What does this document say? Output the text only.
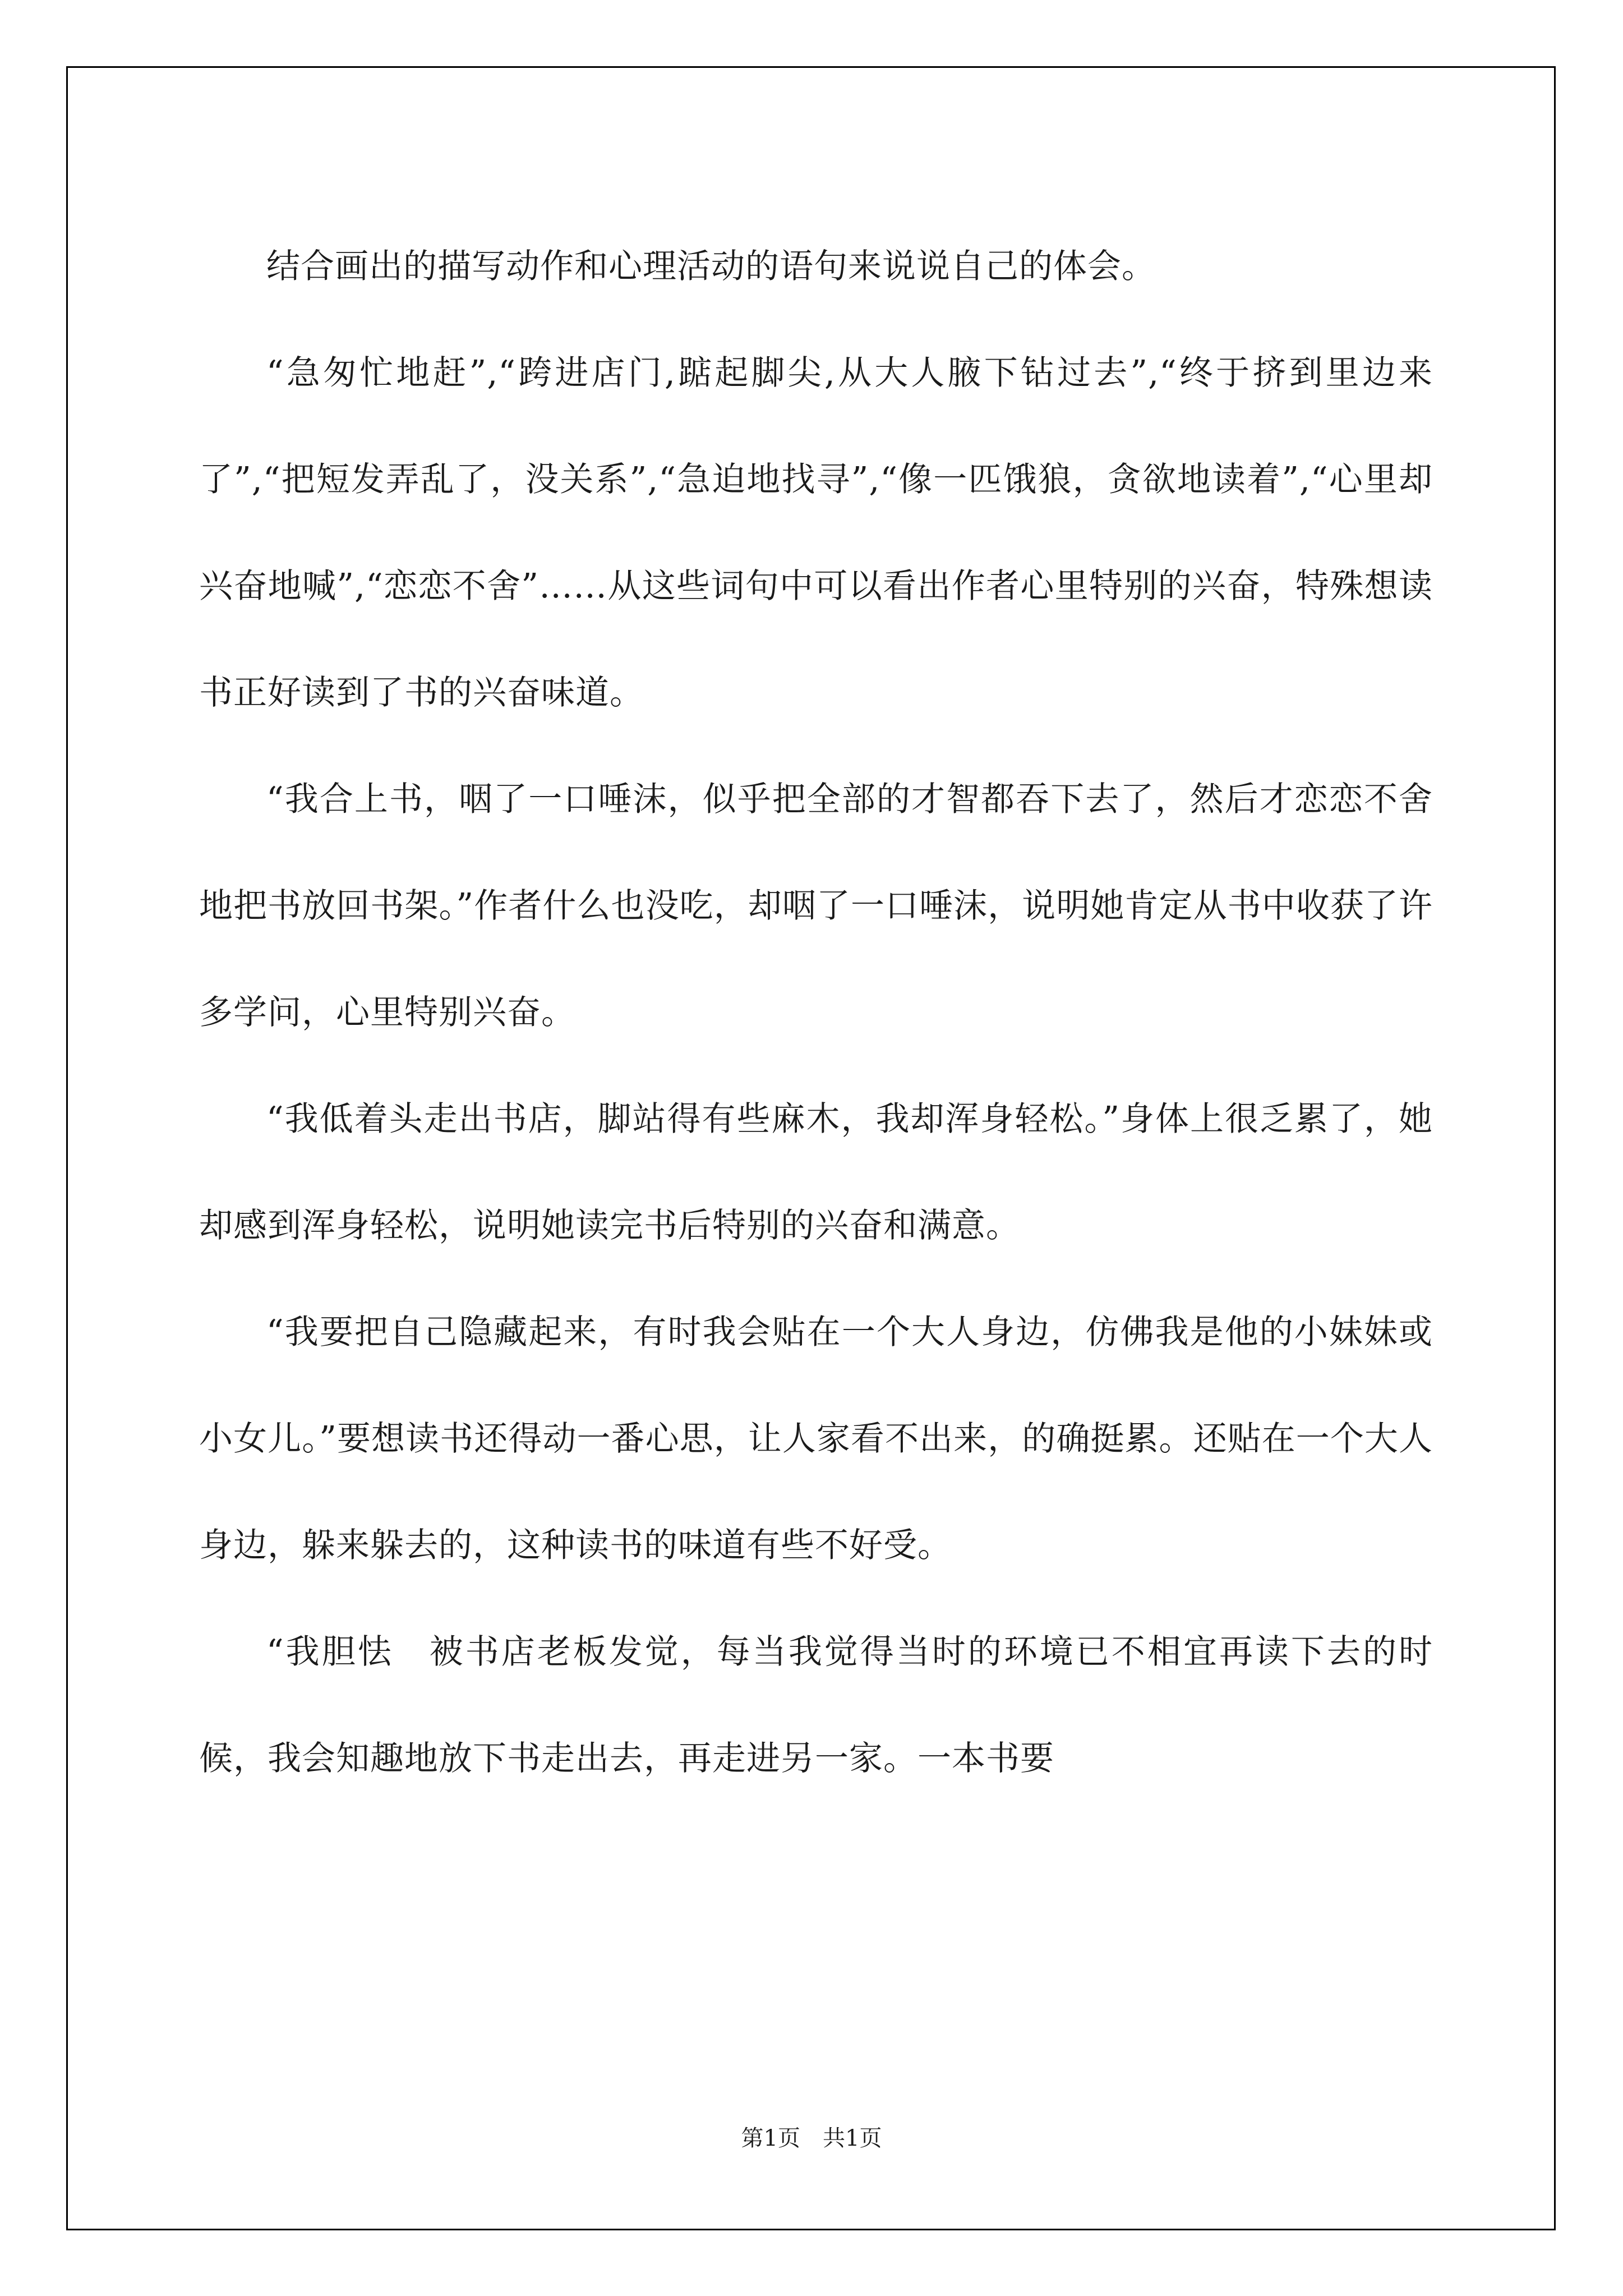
结合画出的描写动作和心理活动的语句来说说自己的体会。

“急匆忙地赶”,“跨进店门,踮起脚尖,从大人腋下钻过去”,“终于挤到里边来了”,“把短发弄乱了，没关系”,“急迫地找寻”,“像一匹饿狼，贪欲地读着”,“心里却兴奋地喊”,“恋恋不舍”……从这些词句中可以看出作者心里特别的兴奋，特殊想读书正好读到了书的兴奋味道。

“我合上书，咽了一口唾沫，似乎把全部的才智都吞下去了，然后才恋恋不舍地把书放回书架。”作者什么也没吃，却咽了一口唾沫，说明她肯定从书中收获了许多学问，心里特别兴奋。

“我低着头走出书店，脚站得有些麻木，我却浑身轻松。”身体上很乏累了，她却感到浑身轻松，说明她读完书后特别的兴奋和满意。

“我要把自己隐藏起来，有时我会贴在一个大人身边，仿佛我是他的小妹妹或小女儿。”要想读书还得动一番心思，让人家看不出来，的确挺累。还贴在一个大人身边，躲来躲去的，这种读书的味道有些不好受。

“我胆怯　被书店老板发觉，每当我觉得当时的环境已不相宜再读下去的时候，我会知趣地放下书走出去，再走进另一家。一本书要

第1页　共1页
